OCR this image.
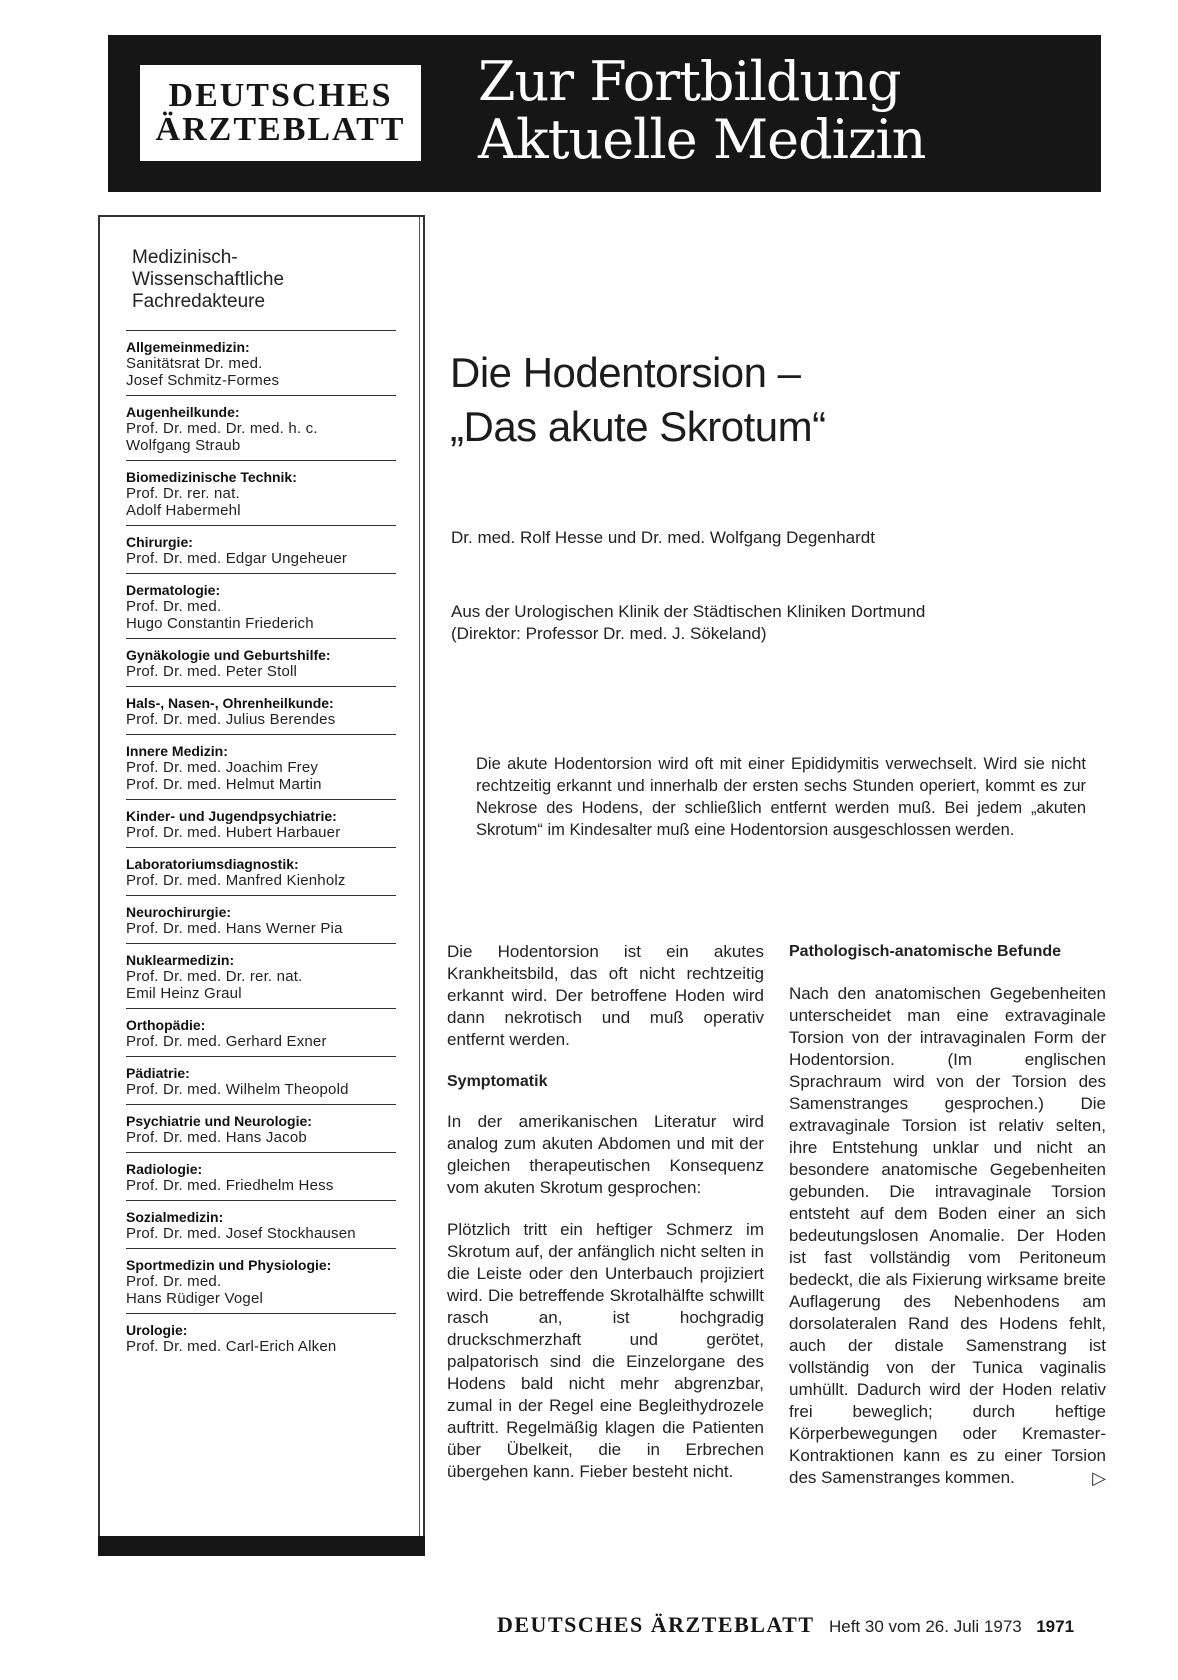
DEUTSCHES
ÄRZTEBLATT
Zur Fortbildung
Aktuelle Medizin
Medizinisch-
Wissenschaftliche
Fachredakteure
Allgemeinmedizin:
Sanitätsrat Dr. med.
Josef Schmitz-Formes
Augenheilkunde:
Prof. Dr. med. Dr. med. h. c.
Wolfgang Straub
Biomedizinische Technik:
Prof. Dr. rer. nat.
Adolf Habermehl
Chirurgie:
Prof. Dr. med. Edgar Ungeheuer
Dermatologie:
Prof. Dr. med.
Hugo Constantin Friederich
Gynäkologie und Geburtshilfe:
Prof. Dr. med. Peter Stoll
Hals-, Nasen-, Ohrenheilkunde:
Prof. Dr. med. Julius Berendes
Innere Medizin:
Prof. Dr. med. Joachim Frey
Prof. Dr. med. Helmut Martin
Kinder- und Jugendpsychiatrie:
Prof. Dr. med. Hubert Harbauer
Laboratoriumsdiagnostik:
Prof. Dr. med. Manfred Kienholz
Neurochirurgie:
Prof. Dr. med. Hans Werner Pia
Nuklearmedizin:
Prof. Dr. med. Dr. rer. nat.
Emil Heinz Graul
Orthopädie:
Prof. Dr. med. Gerhard Exner
Pädiatrie:
Prof. Dr. med. Wilhelm Theopold
Psychiatrie und Neurologie:
Prof. Dr. med. Hans Jacob
Radiologie:
Prof. Dr. med. Friedhelm Hess
Sozialmedizin:
Prof. Dr. med. Josef Stockhausen
Sportmedizin und Physiologie:
Prof. Dr. med.
Hans Rüdiger Vogel
Urologie:
Prof. Dr. med. Carl-Erich Alken
Die Hodentorsion –
„Das akute Skrotum“
Dr. med. Rolf Hesse und Dr. med. Wolfgang Degenhardt
Aus der Urologischen Klinik der Städtischen Kliniken Dortmund
(Direktor: Professor Dr. med. J. Sökeland)
Die akute Hodentorsion wird oft mit einer Epididymitis verwechselt. Wird sie nicht rechtzeitig erkannt und innerhalb der ersten sechs Stunden operiert, kommt es zur Nekrose des Hodens, der schließlich entfernt werden muß. Bei jedem „akuten Skrotum“ im Kindesalter muß eine Hodentorsion ausgeschlossen werden.

Die Hodentorsion ist ein akutes Krankheitsbild, das oft nicht rechtzeitig erkannt wird. Der betroffene Hoden wird dann nekrotisch und muß operativ entfernt werden.

Symptomatik

In der amerikanischen Literatur wird analog zum akuten Abdomen und mit der gleichen therapeutischen Konsequenz vom akuten Skrotum gesprochen:

Plötzlich tritt ein heftiger Schmerz im Skrotum auf, der anfänglich nicht selten in die Leiste oder den Unterbauch projiziert wird. Die betreffende Skrotalhälfte schwillt rasch an, ist hochgradig druckschmerzhaft und gerötet, palpatorisch sind die Einzelorgane des Hodens bald nicht mehr abgrenzbar, zumal in der Regel eine Begleithydrozele auftritt. Regelmäßig klagen die Patienten über Übelkeit, die in Erbrechen übergehen kann. Fieber besteht nicht.

Pathologisch-anatomische Befunde

Nach den anatomischen Gegebenheiten unterscheidet man eine extravaginale Torsion von der intravaginalen Form der Hodentorsion. (Im englischen Sprachraum wird von der Torsion des Samenstranges gesprochen.) Die extravaginale Torsion ist relativ selten, ihre Entstehung unklar und nicht an besondere anatomische Gegebenheiten gebunden. Die intravaginale Torsion entsteht auf dem Boden einer an sich bedeutungslosen Anomalie. Der Hoden ist fast vollständig vom Peritoneum bedeckt, die als Fixierung wirksame breite Auflagerung des Nebenhodens am dorsolateralen Rand des Hodens fehlt, auch der distale Samenstrang ist vollständig von der Tunica vaginalis umhüllt. Dadurch wird der Hoden relativ frei beweglich; durch heftige Körperbewegungen oder Kremaster-Kontraktionen kann es zu einer Torsion des Samenstranges kommen.	▷

DEUTSCHES ÄRZTEBLATT Heft 30 vom 26. Juli 1973 1971
